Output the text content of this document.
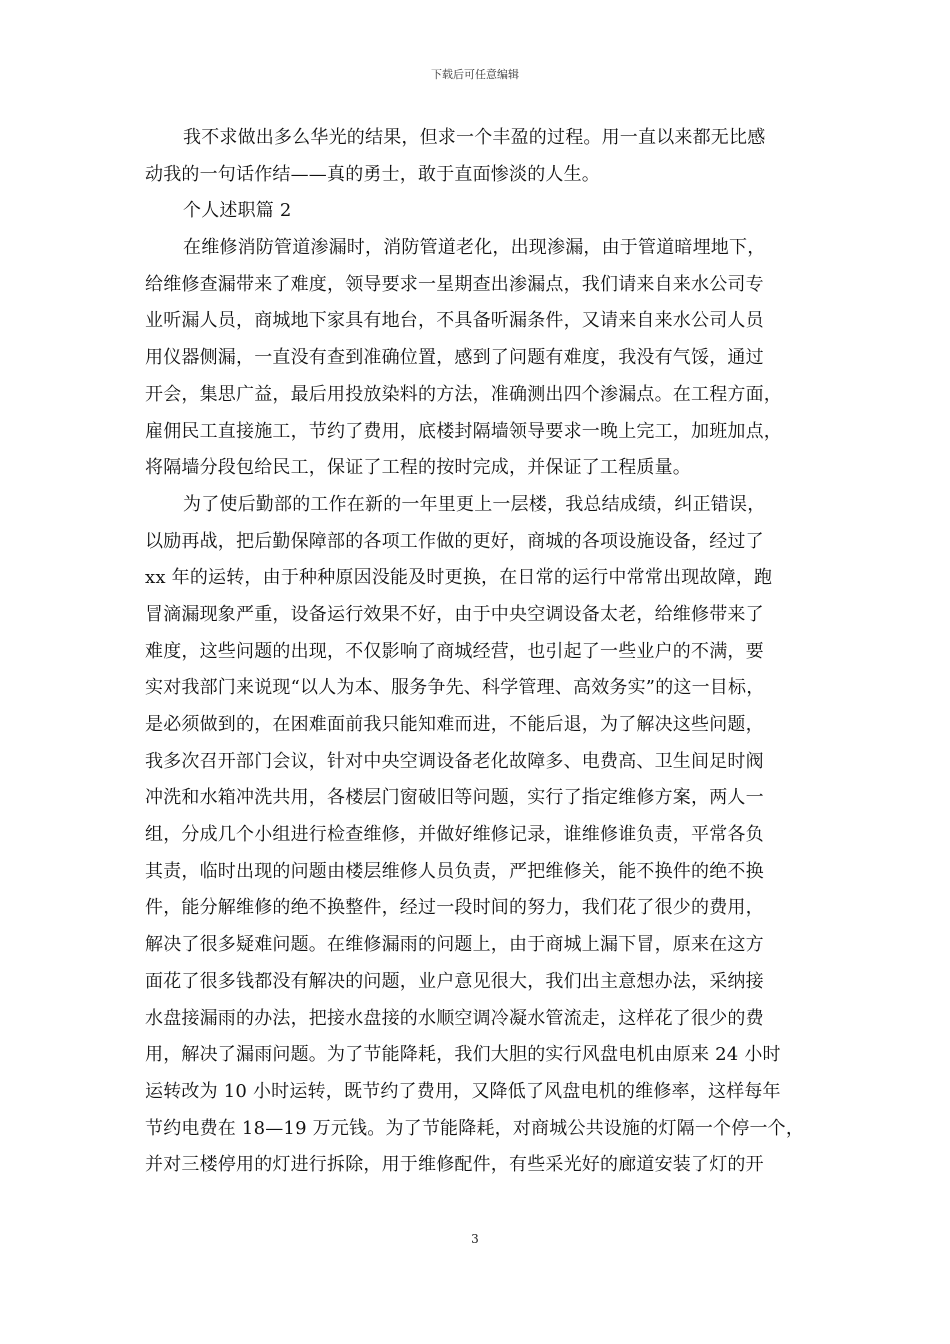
下载后可任意编辑
我不求做出多么华光的结果，但求一个丰盈的过程。用一直以来都无比感
动我的一句话作结——真的勇士，敢于直面惨淡的人生。
个人述职篇 2
在维修消防管道渗漏时，消防管道老化，出现渗漏，由于管道暗埋地下，
给维修查漏带来了难度，领导要求一星期查出渗漏点，我们请来自来水公司专
业听漏人员，商城地下家具有地台，不具备听漏条件，又请来自来水公司人员
用仪器侧漏，一直没有查到准确位置，感到了问题有难度，我没有气馁，通过
开会，集思广益，最后用投放染料的方法，准确测出四个渗漏点。在工程方面，
雇佣民工直接施工，节约了费用，底楼封隔墙领导要求一晚上完工，加班加点，
将隔墙分段包给民工，保证了工程的按时完成，并保证了工程质量。
为了使后勤部的工作在新的一年里更上一层楼，我总结成绩，纠正错误，
以励再战，把后勤保障部的各项工作做的更好，商城的各项设施设备，经过了
xx 年的运转，由于种种原因没能及时更换，在日常的运行中常常出现故障，跑
冒滴漏现象严重，设备运行效果不好，由于中央空调设备太老，给维修带来了
难度，这些问题的出现，不仅影响了商城经营，也引起了一些业户的不满，要
实对我部门来说现“以人为本、服务争先、科学管理、高效务实”的这一目标，
是必须做到的，在困难面前我只能知难而进，不能后退，为了解决这些问题，
我多次召开部门会议，针对中央空调设备老化故障多、电费高、卫生间足时阀
冲洗和水箱冲洗共用，各楼层门窗破旧等问题，实行了指定维修方案，两人一
组，分成几个小组进行检查维修，并做好维修记录，谁维修谁负责，平常各负
其责，临时出现的问题由楼层维修人员负责，严把维修关，能不换件的绝不换
件，能分解维修的绝不换整件，经过一段时间的努力，我们花了很少的费用，
解决了很多疑难问题。在维修漏雨的问题上，由于商城上漏下冒，原来在这方
面花了很多钱都没有解决的问题，业户意见很大，我们出主意想办法，采纳接
水盘接漏雨的办法，把接水盘接的水顺空调冷凝水管流走，这样花了很少的费
用，解决了漏雨问题。为了节能降耗，我们大胆的实行风盘电机由原来 24 小时
运转改为 10 小时运转，既节约了费用，又降低了风盘电机的维修率，这样每年
节约电费在 18—19 万元钱。为了节能降耗，对商城公共设施的灯隔一个停一个，
并对三楼停用的灯进行拆除，用于维修配件，有些采光好的廊道安装了灯的开
3
